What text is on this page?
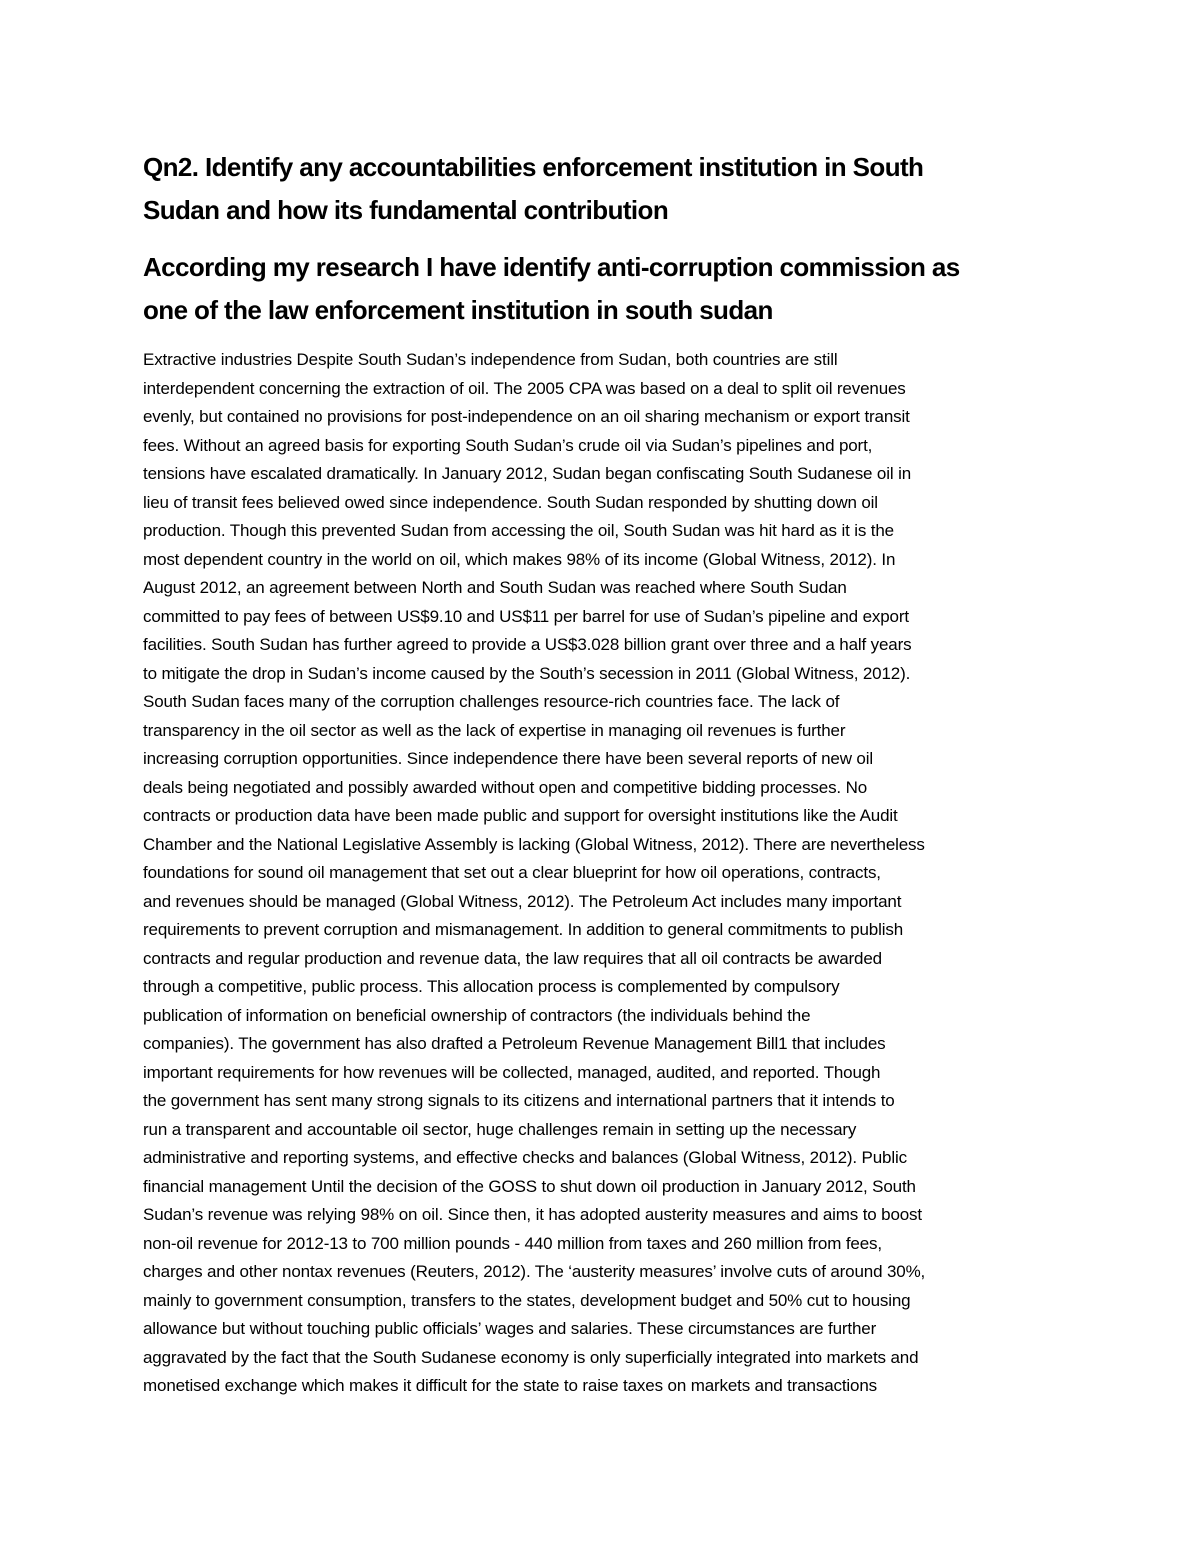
Qn2. Identify any accountabilities enforcement institution in South
Sudan and how its fundamental contribution
According my research I have identify anti-corruption commission as
one of the law enforcement institution in south sudan
Extractive industries Despite South Sudan’s independence from Sudan, both countries are still
interdependent concerning the extraction of oil. The 2005 CPA was based on a deal to split oil revenues
evenly, but contained no provisions for post-independence on an oil sharing mechanism or export transit
fees. Without an agreed basis for exporting South Sudan’s crude oil via Sudan’s pipelines and port,
tensions have escalated dramatically. In January 2012, Sudan began confiscating South Sudanese oil in
lieu of transit fees believed owed since independence. South Sudan responded by shutting down oil
production. Though this prevented Sudan from accessing the oil, South Sudan was hit hard as it is the
most dependent country in the world on oil, which makes 98% of its income (Global Witness, 2012). In
August 2012, an agreement between North and South Sudan was reached where South Sudan
committed to pay fees of between US$9.10 and US$11 per barrel for use of Sudan’s pipeline and export
facilities. South Sudan has further agreed to provide a US$3.028 billion grant over three and a half years
to mitigate the drop in Sudan’s income caused by the South’s secession in 2011 (Global Witness, 2012).
South Sudan faces many of the corruption challenges resource-rich countries face. The lack of
transparency in the oil sector as well as the lack of expertise in managing oil revenues is further
increasing corruption opportunities. Since independence there have been several reports of new oil
deals being negotiated and possibly awarded without open and competitive bidding processes. No
contracts or production data have been made public and support for oversight institutions like the Audit
Chamber and the National Legislative Assembly is lacking (Global Witness, 2012). There are nevertheless
foundations for sound oil management that set out a clear blueprint for how oil operations, contracts,
and revenues should be managed (Global Witness, 2012). The Petroleum Act includes many important
requirements to prevent corruption and mismanagement. In addition to general commitments to publish
contracts and regular production and revenue data, the law requires that all oil contracts be awarded
through a competitive, public process. This allocation process is complemented by compulsory
publication of information on beneficial ownership of contractors (the individuals behind the
companies). The government has also drafted a Petroleum Revenue Management Bill1 that includes
important requirements for how revenues will be collected, managed, audited, and reported. Though
the government has sent many strong signals to its citizens and international partners that it intends to
run a transparent and accountable oil sector, huge challenges remain in setting up the necessary
administrative and reporting systems, and effective checks and balances (Global Witness, 2012). Public
financial management Until the decision of the GOSS to shut down oil production in January 2012, South
Sudan’s revenue was relying 98% on oil. Since then, it has adopted austerity measures and aims to boost
non-oil revenue for 2012-13 to 700 million pounds - 440 million from taxes and 260 million from fees,
charges and other nontax revenues (Reuters, 2012). The ‘austerity measures’ involve cuts of around 30%,
mainly to government consumption, transfers to the states, development budget and 50% cut to housing
allowance but without touching public officials’ wages and salaries. These circumstances are further
aggravated by the fact that the South Sudanese economy is only superficially integrated into markets and
monetised exchange which makes it difficult for the state to raise taxes on markets and transactions
